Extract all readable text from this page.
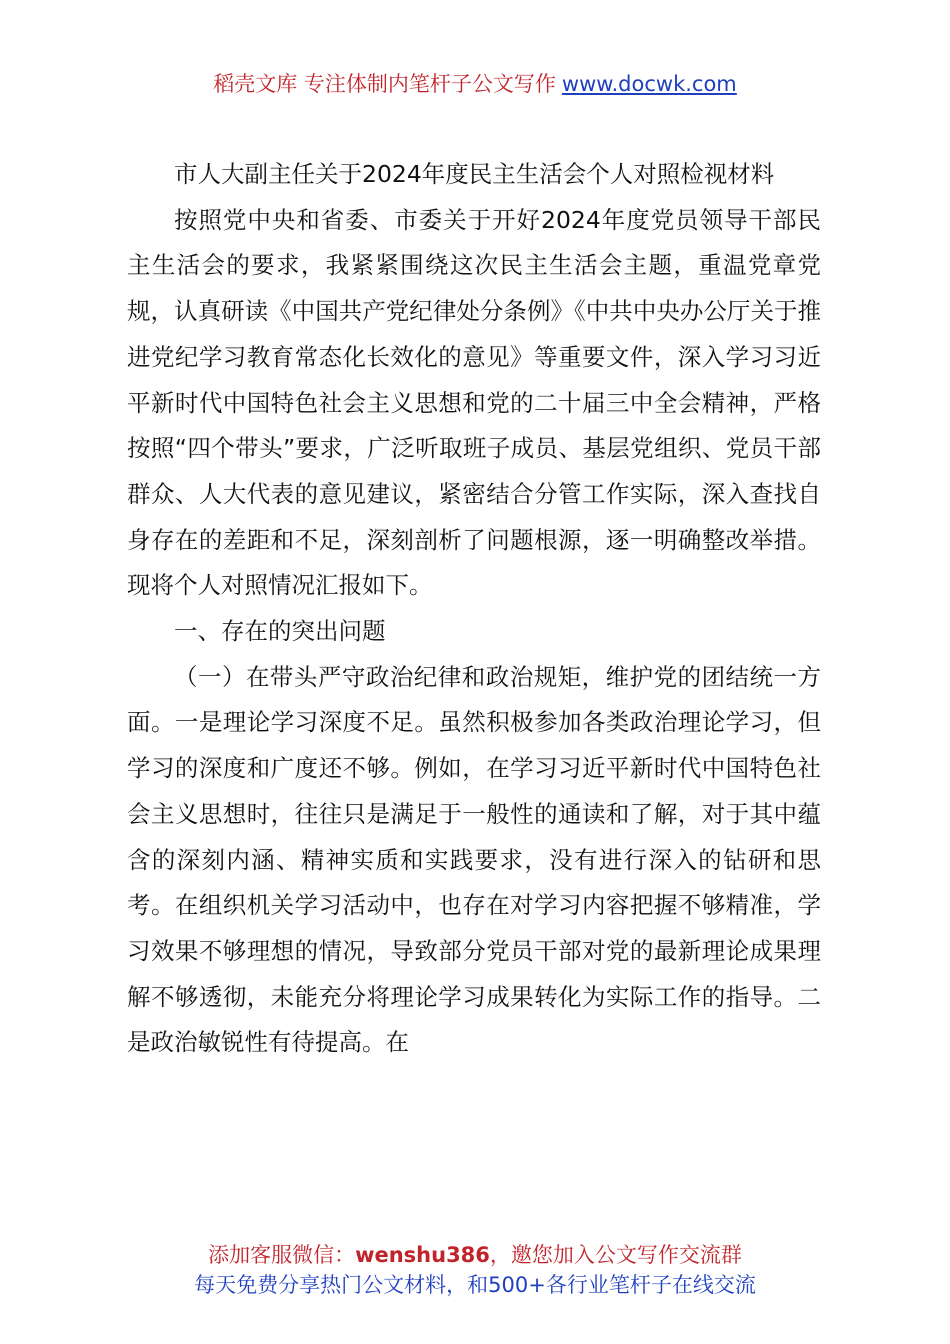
稻壳文库 专注体制内笔杆子公文写作 www.docwk.com

市人大副主任关于2024年度民主生活会个人对照检视材料

按照党中央和省委、市委关于开好2024年度党员领导干部民主生活会的要求，我紧紧围绕这次民主生活会主题，重温党章党规，认真研读《中国共产党纪律处分条例》《中共中央办公厅关于推进党纪学习教育常态化长效化的意见》等重要文件，深入学习习近平新时代中国特色社会主义思想和党的二十届三中全会精神，严格按照“四个带头”要求，广泛听取班子成员、基层党组织、党员干部群众、人大代表的意见建议，紧密结合分管工作实际，深入查找自身存在的差距和不足，深刻剖析了问题根源，逐一明确整改举措。现将个人对照情况汇报如下。

一、存在的突出问题

（一）在带头严守政治纪律和政治规矩，维护党的团结统一方面。一是理论学习深度不足。虽然积极参加各类政治理论学习，但学习的深度和广度还不够。例如，在学习习近平新时代中国特色社会主义思想时，往往只是满足于一般性的通读和了解，对于其中蕴含的深刻内涵、精神实质和实践要求，没有进行深入的钻研和思考。在组织机关学习活动中，也存在对学习内容把握不够精准，学习效果不够理想的情况，导致部分党员干部对党的最新理论成果理解不够透彻，未能充分将理论学习成果转化为实际工作的指导。二是政治敏锐性有待提高。在

添加客服微信：wenshu386，邀您加入公文写作交流群
每天免费分享热门公文材料，和500+各行业笔杆子在线交流
